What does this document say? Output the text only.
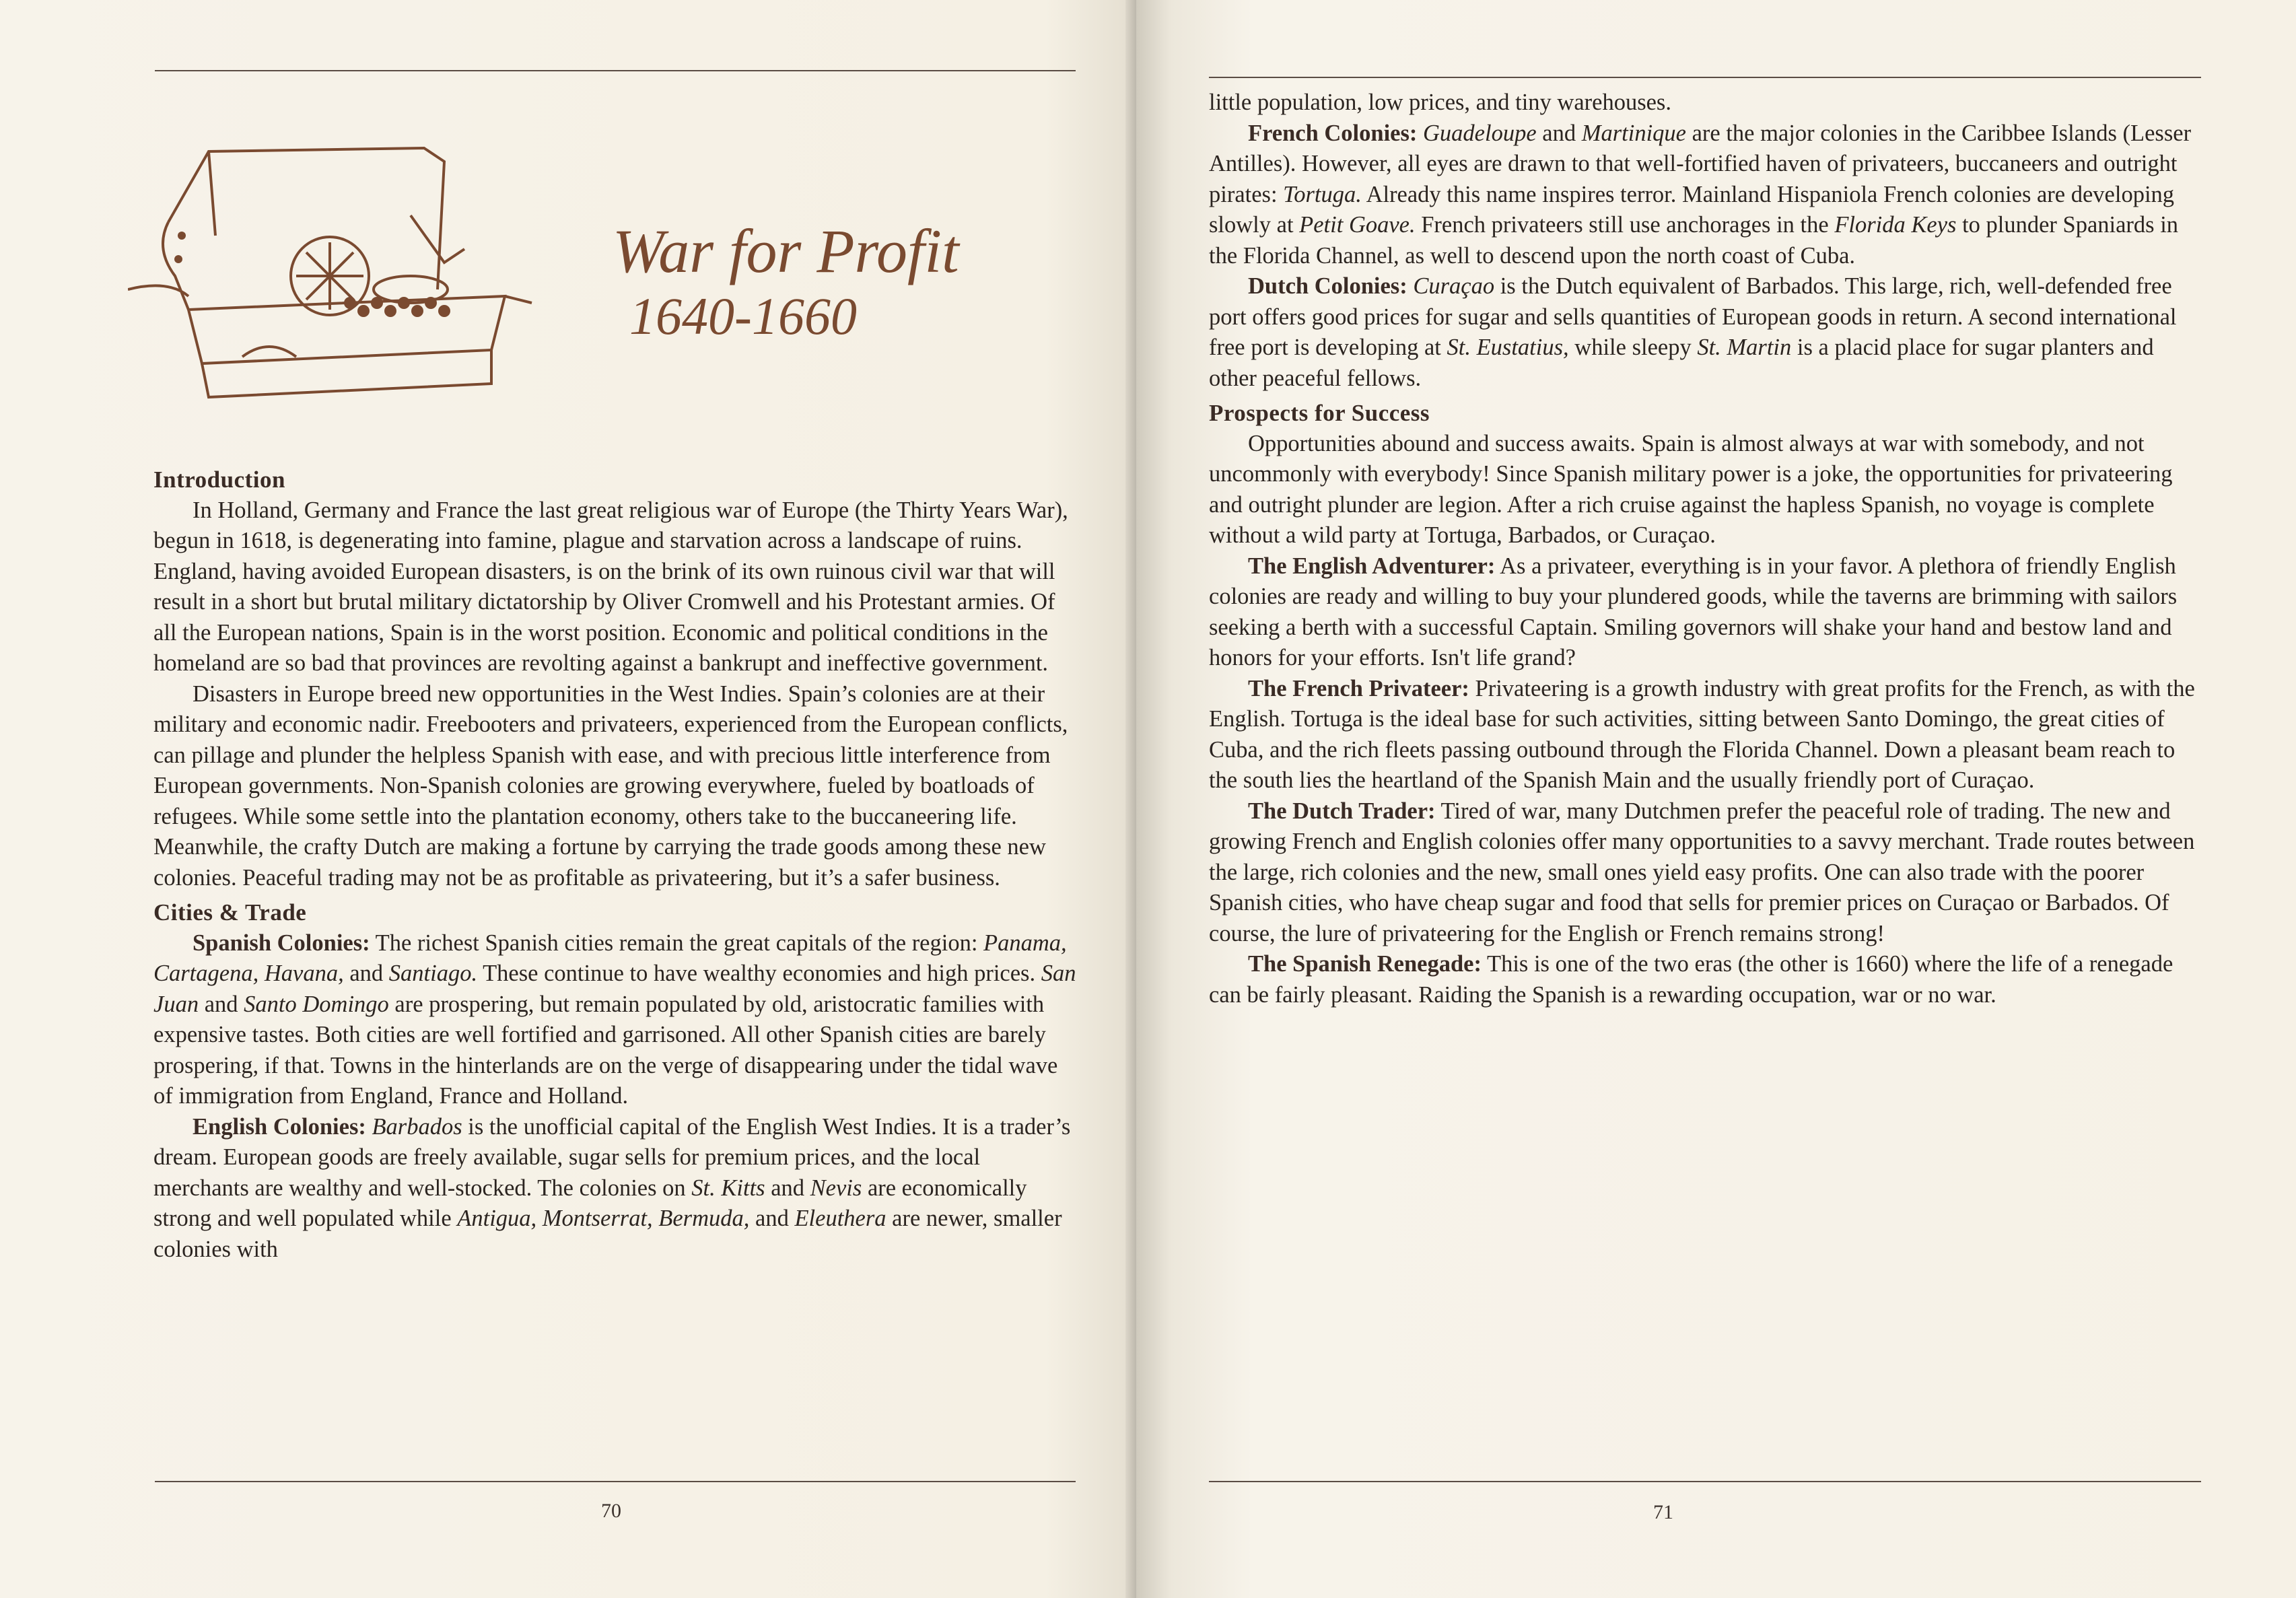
War for Profit
1640-1660
Introduction

In Holland, Germany and France the last great religious war of Europe (the Thirty Years War), begun in 1618, is degenerating into famine, plague and starvation across a landscape of ruins. England, having avoided European disasters, is on the brink of its own ruinous civil war that will result in a short but brutal military dictatorship by Oliver Cromwell and his Protestant armies. Of all the European nations, Spain is in the worst position. Economic and political conditions in the homeland are so bad that provinces are revolting against a bankrupt and ineffective government.

Disasters in Europe breed new opportunities in the West Indies. Spain’s colonies are at their military and economic nadir. Freebooters and privateers, experienced from the European conflicts, can pillage and plunder the helpless Spanish with ease, and with precious little interference from European governments. Non-Spanish colonies are growing everywhere, fueled by boatloads of refugees. While some settle into the plantation economy, others take to the buccaneering life. Meanwhile, the crafty Dutch are making a fortune by carrying the trade goods among these new colonies. Peaceful trading may not be as profitable as privateering, but it’s a safer business.

Cities & Trade

Spanish Colonies: The richest Spanish cities remain the great capitals of the region: Panama, Cartagena, Havana, and Santiago. These continue to have wealthy economies and high prices. San Juan and Santo Domingo are prospering, but remain populated by old, aristocratic families with expensive tastes. Both cities are well fortified and garrisoned. All other Spanish cities are barely prospering, if that. Towns in the hinterlands are on the verge of disappearing under the tidal wave of immigration from England, France and Holland.

English Colonies: Barbados is the unofficial capital of the English West Indies. It is a trader’s dream. European goods are freely available, sugar sells for premium prices, and the local merchants are wealthy and well-stocked. The colonies on St. Kitts and Nevis are economically strong and well populated while Antigua, Montserrat, Bermuda, and Eleuthera are newer, smaller colonies with

70

little population, low prices, and tiny warehouses.

French Colonies: Guadeloupe and Martinique are the major colonies in the Caribbee Islands (Lesser Antilles). However, all eyes are drawn to that well-fortified haven of privateers, buccaneers and outright pirates: Tortuga. Already this name inspires terror. Mainland Hispaniola French colonies are developing slowly at Petit Goave. French privateers still use anchorages in the Florida Keys to plunder Spaniards in the Florida Channel, as well to descend upon the north coast of Cuba.

Dutch Colonies: Curaçao is the Dutch equivalent of Barbados. This large, rich, well-defended free port offers good prices for sugar and sells quantities of European goods in return. A second international free port is developing at St. Eustatius, while sleepy St. Martin is a placid place for sugar planters and other peaceful fellows.

Prospects for Success

Opportunities abound and success awaits. Spain is almost always at war with somebody, and not uncommonly with everybody! Since Spanish military power is a joke, the opportunities for privateering and outright plunder are legion. After a rich cruise against the hapless Spanish, no voyage is complete without a wild party at Tortuga, Barbados, or Curaçao.

The English Adventurer: As a privateer, everything is in your favor. A plethora of friendly English colonies are ready and willing to buy your plundered goods, while the taverns are brimming with sailors seeking a berth with a successful Captain. Smiling governors will shake your hand and bestow land and honors for your efforts. Isn't life grand?

The French Privateer: Privateering is a growth industry with great profits for the French, as with the English. Tortuga is the ideal base for such activities, sitting between Santo Domingo, the great cities of Cuba, and the rich fleets passing outbound through the Florida Channel. Down a pleasant beam reach to the south lies the heartland of the Spanish Main and the usually friendly port of Curaçao.

The Dutch Trader: Tired of war, many Dutchmen prefer the peaceful role of trading. The new and growing French and English colonies offer many opportunities to a savvy merchant. Trade routes between the large, rich colonies and the new, small ones yield easy profits. One can also trade with the poorer Spanish cities, who have cheap sugar and food that sells for premier prices on Curaçao or Barbados. Of course, the lure of privateering for the English or French remains strong!

The Spanish Renegade: This is one of the two eras (the other is 1660) where the life of a renegade can be fairly pleasant. Raiding the Spanish is a rewarding occupation, war or no war.

71
